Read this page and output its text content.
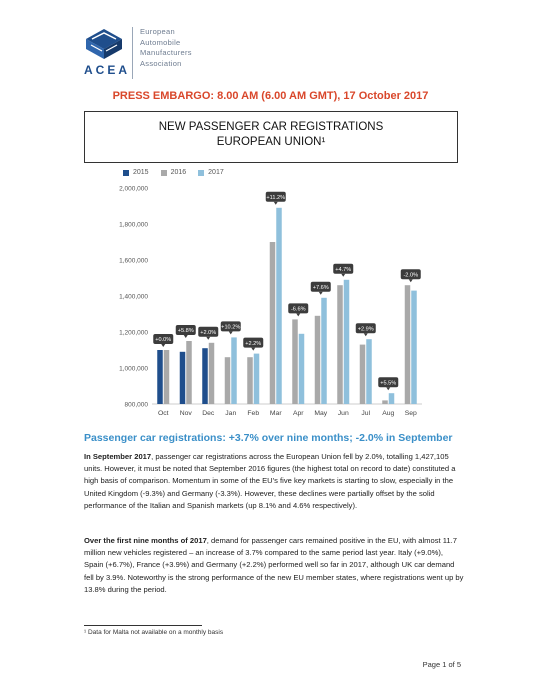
ACEA
European
Automobile
Manufacturers
Association
PRESS EMBARGO: 8.00 AM (6.00 AM GMT), 17 October 2017
NEW PASSENGER CAR REGISTRATIONS
EUROPEAN UNION¹
2015	2016	2017
800,000
1,000,000
1,200,000
1,400,000
1,600,000
1,800,000
2,000,000
Oct
+0.0%
Nov
+5.8%
Dec
+2.0%
Jan
+10.2%
Feb
+2.2%
Mar
+11.2%
Apr
-6.6%
May
+7.6%
Jun
+4.7%
Jul
+2.9%
Aug
+5.5%
Sep
-2.0%
Passenger car registrations: +3.7% over nine months; -2.0% in September
In September 2017, passenger car registrations across the European Union fell by 2.0%, totalling 1,427,105 units. However, it must be noted that September 2016 figures (the highest total on record to date) constituted a high basis of comparison. Momentum in some of the EU's five key markets is starting to slow, especially in the United Kingdom (-9.3%) and Germany (-3.3%). However, these declines were partially offset by the solid performance of the Italian and Spanish markets (up 8.1% and 4.6% respectively).
Over the first nine months of 2017, demand for passenger cars remained positive in the EU, with almost 11.7 million new vehicles registered – an increase of 3.7% compared to the same period last year. Italy (+9.0%), Spain (+6.7%), France (+3.9%) and Germany (+2.2%) performed well so far in 2017, although UK car demand fell by 3.9%. Noteworthy is the strong performance of the new EU member states, where registrations went up by 13.8% during the period.
¹ Data for Malta not available on a monthly basis
Page 1 of 5
